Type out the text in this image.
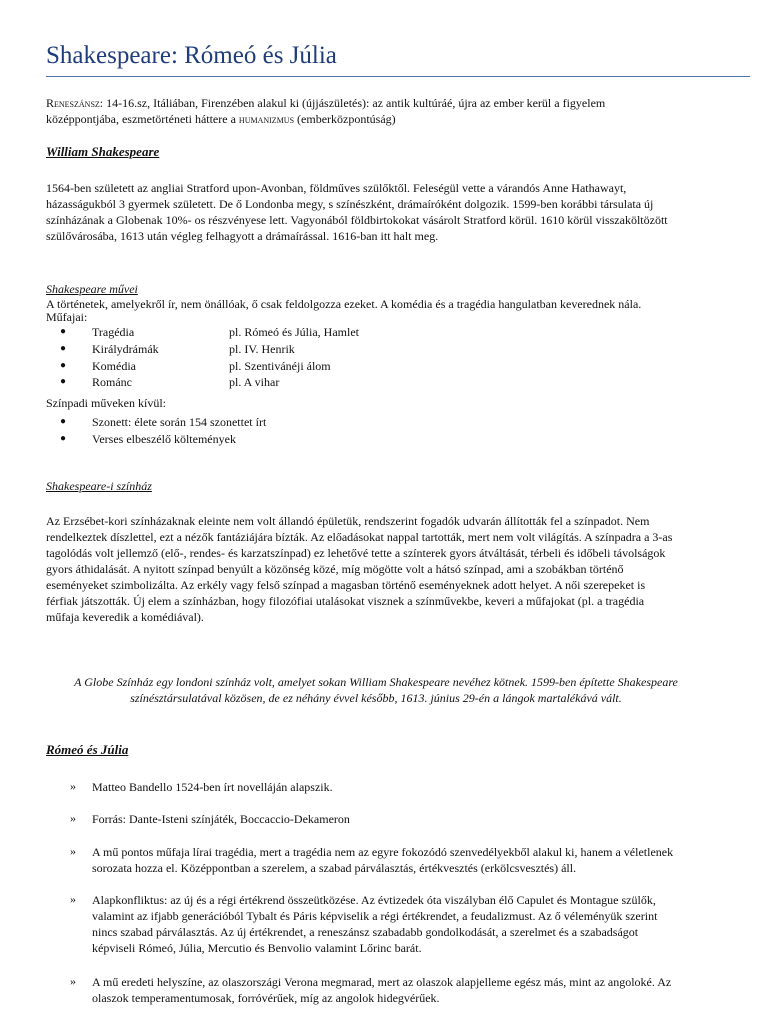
Shakespeare: Rómeó és Júlia
Reneszánsz: 14-16.sz, Itáliában, Firenzében alakul ki (újjászületés): az antik kultúráé, újra az ember kerül a figyelem
középpontjába, eszmetörténeti háttere a humanizmus (emberközpontúság)
William Shakespeare
1564-ben született az angliai Stratford upon-Avonban, földműves szülőktől. Feleségül vette a várandós Anne Hathawayt,
házasságukból 3 gyermek született. De ő Londonba megy, s színészként, drámaíróként dolgozik. 1599-ben korábbi társulata új
színházának a Globenak 10%- os részvényese lett. Vagyonából földbirtokokat vásárolt Stratford körül. 1610 körül visszaköltözött
szülővárosába, 1613 után végleg felhagyott a drámaírással. 1616-ban itt halt meg.
Shakespeare művei
A történetek, amelyekről ír, nem önállóak, ő csak feldolgozza ezeket. A komédia és a tragédia hangulatban keverednek nála.
Műfajai:
● Tragédia	pl. Rómeó és Júlia, Hamlet
● Királydrámák	pl. IV. Henrik
● Komédia	pl. Szentivánéji álom
● Románc	pl. A vihar
Színpadi műveken kívül:
● Szonett: élete során 154 szonettet írt
● Verses elbeszélő költemények
Shakespeare-i színház
Az Erzsébet-kori színházaknak eleinte nem volt állandó épületük, rendszerint fogadók udvarán állították fel a színpadot. Nem
rendelkeztek díszlettel, ezt a nézők fantáziájára bízták. Az előadásokat nappal tartották, mert nem volt világítás. A színpadra a 3-as
tagolódás volt jellemző (elő-, rendes- és karzatszínpad) ez lehetővé tette a színterek gyors átváltását, térbeli és időbeli távolságok
gyors áthidalását. A nyitott színpad benyúlt a közönség közé, míg mögötte volt a hátsó színpad, ami a szobákban történő
eseményeket szimbolizálta. Az erkély vagy felső színpad a magasban történő eseményeknek adott helyet. A női szerepeket is
férfiak játszották. Új elem a színházban, hogy filozófiai utalásokat visznek a színművekbe, keveri a műfajokat (pl. a tragédia
műfaja keveredik a komédiával).
A Globe Színház egy londoni színház volt, amelyet sokan William Shakespeare nevéhez kötnek. 1599-ben építette Shakespeare
színésztársulatával közösen, de ez néhány évvel később, 1613. június 29-én a lángok martalékává vált.
Rómeó és Júlia
» Matteo Bandello 1524-ben írt novelláján alapszik.
» Forrás: Dante-Isteni színjáték, Boccaccio-Dekameron
» A mű pontos műfaja lírai tragédia, mert a tragédia nem az egyre fokozódó szenvedélyekből alakul ki, hanem a véletlenek
sorozata hozza el. Középpontban a szerelem, a szabad párválasztás, értékvesztés (erkölcsvesztés) áll.
» Alapkonfliktus: az új és a régi értékrend összeütközése. Az évtizedek óta viszályban élő Capulet és Montague szülők,
valamint az ifjabb generációból Tybalt és Páris képviselik a régi értékrendet, a feudalizmust. Az ő véleményük szerint
nincs szabad párválasztás. Az új értékrendet, a reneszánsz szabadabb gondolkodását, a szerelmet és a szabadságot
képviseli Rómeó, Júlia, Mercutio és Benvolio valamint Lőrinc barát.
» A mű eredeti helyszíne, az olaszországi Verona megmarad, mert az olaszok alapjelleme egész más, mint az angoloké. Az
olaszok temperamentumosak, forróvérűek, míg az angolok hidegvérűek.
